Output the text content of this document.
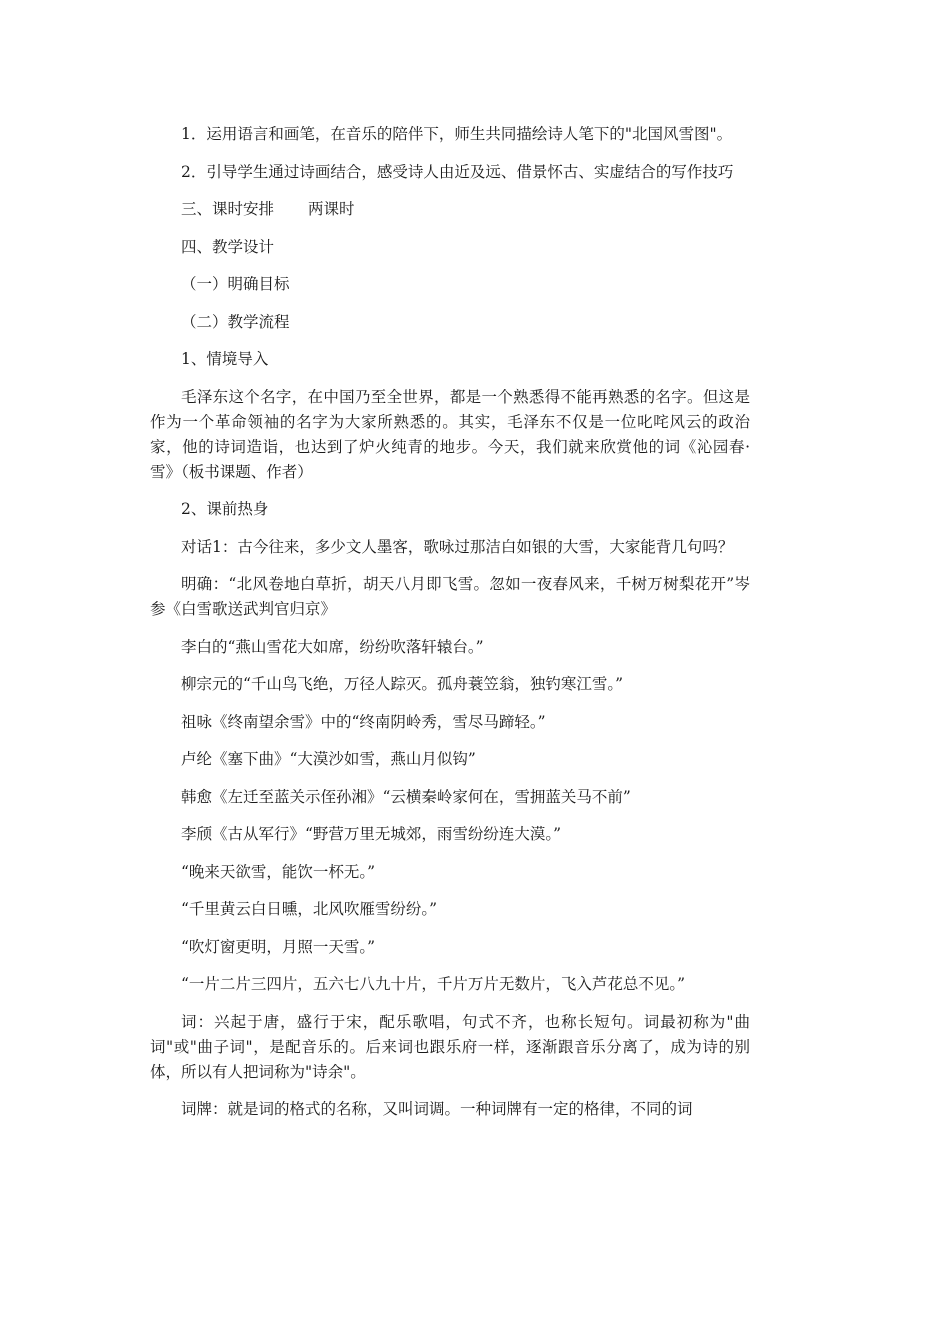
1．运用语言和画笔，在音乐的陪伴下，师生共同描绘诗人笔下的"北国风雪图"。

2．引导学生通过诗画结合，感受诗人由近及远、借景怀古、实虚结合的写作技巧

三、课时安排 两课时

四、教学设计

（一）明确目标

（二）教学流程

1、情境导入

毛泽东这个名字，在中国乃至全世界，都是一个熟悉得不能再熟悉的名字。但这是作为一个革命领袖的名字为大家所熟悉的。其实，毛泽东不仅是一位叱咤风云的政治家，他的诗词造诣，也达到了炉火纯青的地步。今天，我们就来欣赏他的词《沁园春·雪》（板书课题、作者）

2、课前热身

对话1：古今往来，多少文人墨客，歌咏过那洁白如银的大雪，大家能背几句吗？

明确：“北风卷地白草折，胡天八月即飞雪。忽如一夜春风来，千树万树梨花开”岑参《白雪歌送武判官归京》

李白的“燕山雪花大如席，纷纷吹落轩辕台。”

柳宗元的“千山鸟飞绝，万径人踪灭。孤舟蓑笠翁，独钓寒江雪。”

祖咏《终南望余雪》中的“终南阴岭秀，雪尽马蹄轻。”

卢纶《塞下曲》“大漠沙如雪，燕山月似钩”

韩愈《左迁至蓝关示侄孙湘》“云横秦岭家何在，雪拥蓝关马不前”

李颀《古从军行》“野营万里无城郊，雨雪纷纷连大漠。”

“晚来天欲雪，能饮一杯无。”

“千里黄云白日曛，北风吹雁雪纷纷。”

“吹灯窗更明，月照一天雪。”

“一片二片三四片，五六七八九十片，千片万片无数片，飞入芦花总不见。”

词：兴起于唐，盛行于宋，配乐歌唱，句式不齐，也称长短句。词最初称为"曲词"或"曲子词"，是配音乐的。后来词也跟乐府一样，逐渐跟音乐分离了，成为诗的别体，所以有人把词称为"诗余"。

词牌：就是词的格式的名称，又叫词调。一种词牌有一定的格律，不同的词
